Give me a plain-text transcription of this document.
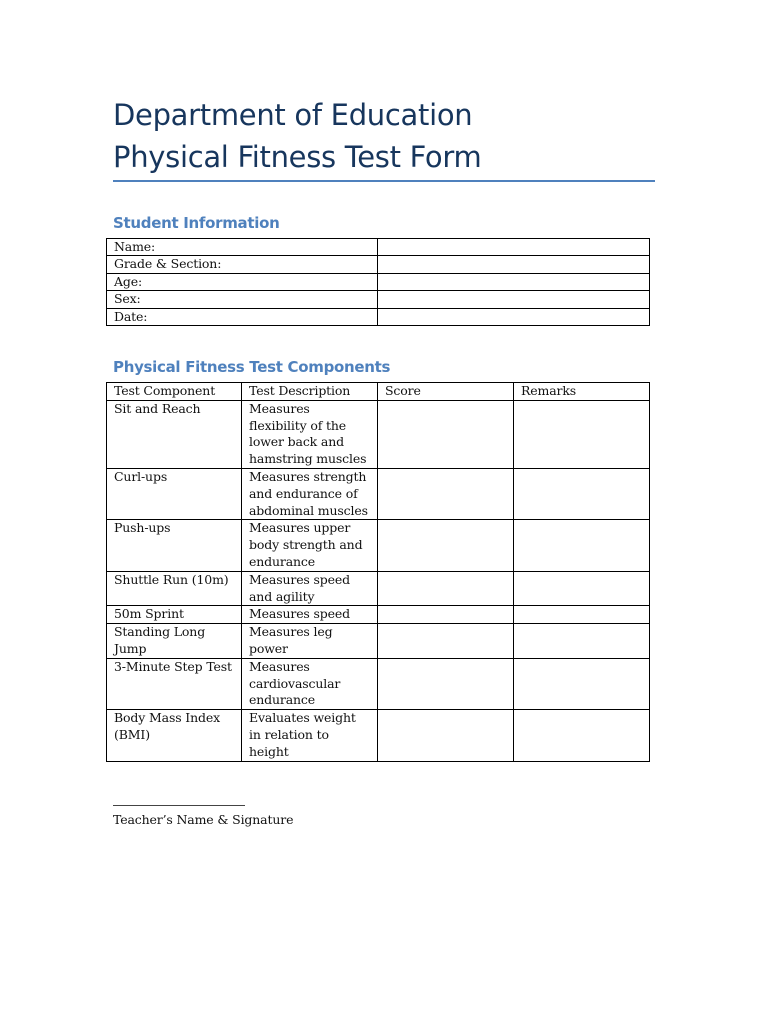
Department of Education
Physical Fitness Test Form
Student Information
Name:	
Grade & Section:	
Age:	
Sex:	
Date:	
Physical Fitness Test Components
Test Component	Test Description	Score	Remarks
Sit and Reach	Measures flexibility of the lower back and hamstring muscles		
Curl-ups	Measures strength and endurance of abdominal muscles		
Push-ups	Measures upper body strength and endurance		
Shuttle Run (10m)	Measures speed and agility		
50m Sprint	Measures speed		
Standing Long Jump	Measures leg power		
3-Minute Step Test	Measures cardiovascular endurance		
Body Mass Index (BMI)	Evaluates weight in relation to height		
Teacher’s Name & Signature
